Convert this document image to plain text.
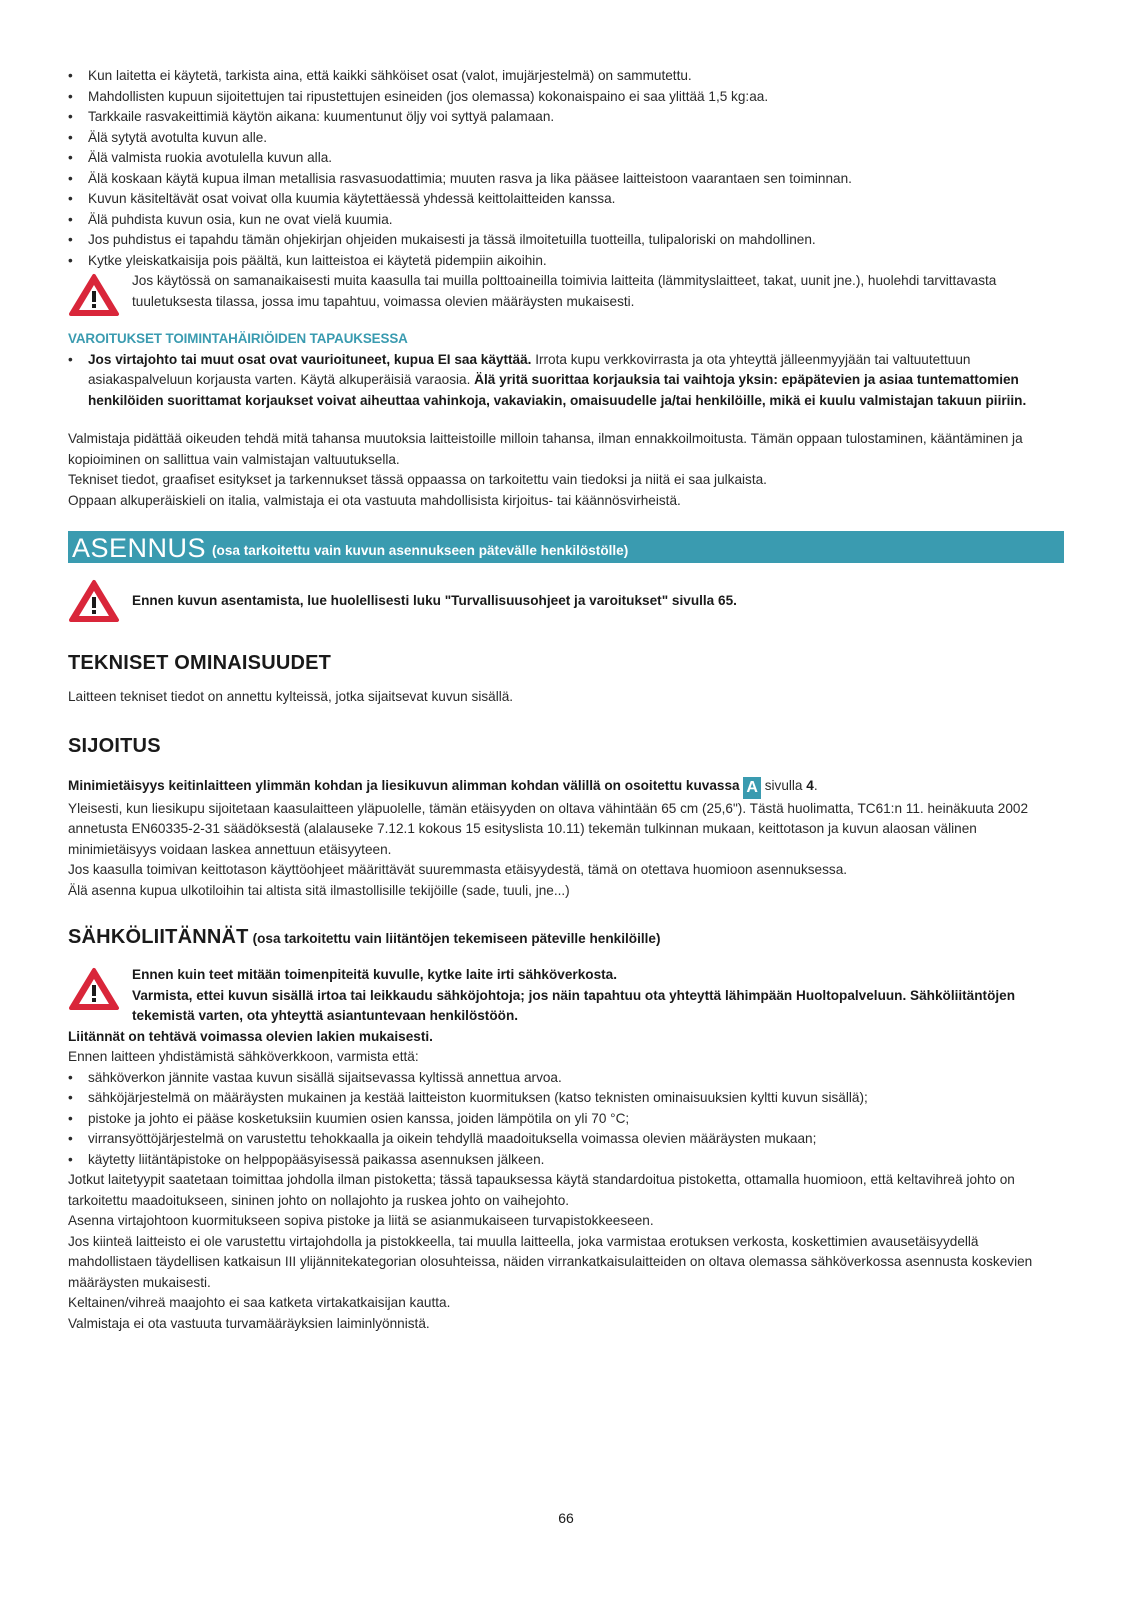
• Kun laitetta ei käytetä, tarkista aina, että kaikki sähköiset osat (valot, imujärjestelmä) on sammutettu.
• Mahdollisten kupuun sijoitettujen tai ripustettujen esineiden (jos olemassa) kokonaispaino ei saa ylittää 1,5 kg:aa.
• Tarkkaile rasvakeittimiä käytön aikana: kuumentunut öljy voi syttyä palamaan.
• Älä sytytä avotulta kuvun alle.
• Älä valmista ruokia avotulella kuvun alla.
• Älä koskaan käytä kupua ilman metallisia rasvasuodattimia; muuten rasva ja lika pääsee laitteistoon vaarantaen sen toiminnan.
• Kuvun käsiteltävät osat voivat olla kuumia käytettäessä yhdessä keittolaitteiden kanssa.
• Älä puhdista kuvun osia, kun ne ovat vielä kuumia.
• Jos puhdistus ei tapahdu tämän ohjekirjan ohjeiden mukaisesti ja tässä ilmoitetuilla tuotteilla, tulipaloriski on mahdollinen.
• Kytke yleiskatkaisija pois päältä, kun laitteistoa ei käytetä pidempiin aikoihin.

Jos käytössä on samanaikaisesti muita kaasulla tai muilla polttoaineilla toimivia laitteita (lämmityslaitteet, takat, uunit jne.), huolehdi tarvittavasta tuuletuksesta tilassa, jossa imu tapahtuu, voimassa olevien määräysten mukaisesti.

VAROITUKSET TOIMINTAHÄIRIÖIDEN TAPAUKSESSA
• Jos virtajohto tai muut osat ovat vaurioituneet, kupua EI saa käyttää. Irrota kupu verkkovirrasta ja ota yhteyttä jälleenmyyjään tai valtuutettuun asiakaspalveluun korjausta varten. Käytä alkuperäisiä varaosia. Älä yritä suorittaa korjauksia tai vaihtoja yksin: epäpätevien ja asiaa tuntemattomien henkilöiden suorittamat korjaukset voivat aiheuttaa vahinkoja, vakaviakin, omaisuudelle ja/tai henkilöille, mikä ei kuulu valmistajan takuun piiriin.

Valmistaja pidättää oikeuden tehdä mitä tahansa muutoksia laitteistoille milloin tahansa, ilman ennakkoilmoitusta. Tämän oppaan tulostaminen, kääntäminen ja kopioiminen on sallittua vain valmistajan valtuutuksella.

Tekniset tiedot, graafiset esitykset ja tarkennukset tässä oppaassa on tarkoitettu vain tiedoksi ja niitä ei saa julkaista.

Oppaan alkuperäiskieli on italia, valmistaja ei ota vastuuta mahdollisista kirjoitus- tai käännösvirheistä.

ASENNUS (osa tarkoitettu vain kuvun asennukseen pätevälle henkilöstölle)

Ennen kuvun asentamista, lue huolellisesti luku "Turvallisuusohjeet ja varoitukset" sivulla 65.

TEKNISET OMINAISUUDET

Laitteen tekniset tiedot on annettu kylteissä, jotka sijaitsevat kuvun sisällä.

SIJOITUS

Minimietäisyys keitinlaitteen ylimmän kohdan ja liesikuvun alimman kohdan välillä on osoitettu kuvassa A sivulla 4.

Yleisesti, kun liesikupu sijoitetaan kaasulaitteen yläpuolelle, tämän etäisyyden on oltava vähintään 65 cm (25,6"). Tästä huolimatta, TC61:n 11. heinäkuuta 2002 annetusta EN60335-2-31 säädöksestä (alalauseke 7.12.1 kokous 15 esityslista 10.11) tekemän tulkinnan mukaan, keittotason ja kuvun alaosan välinen minimietäisyys voidaan laskea annettuun etäisyyteen.

Jos kaasulla toimivan keittotason käyttöohjeet määrittävät suuremmasta etäisyydestä, tämä on otettava huomioon asennuksessa.

Älä asenna kupua ulkotiloihin tai altista sitä ilmastollisille tekijöille (sade, tuuli, jne...)

SÄHKÖLIITÄNNÄT (osa tarkoitettu vain liitäntöjen tekemiseen päteville henkilöille)

Ennen kuin teet mitään toimenpiteitä kuvulle, kytke laite irti sähköverkosta.

Varmista, ettei kuvun sisällä irtoa tai leikkaudu sähköjohtoja; jos näin tapahtuu ota yhteyttä lähimpään Huoltopalveluun. Sähköliitäntöjen tekemistä varten, ota yhteyttä asiantuntevaan henkilöstöön.

Liitännät on tehtävä voimassa olevien lakien mukaisesti.

Ennen laitteen yhdistämistä sähköverkkoon, varmista että:

• sähköverkon jännite vastaa kuvun sisällä sijaitsevassa kyltissä annettua arvoa.
• sähköjärjestelmä on määräysten mukainen ja kestää laitteiston kuormituksen (katso teknisten ominaisuuksien kyltti kuvun sisällä);
• pistoke ja johto ei pääse kosketuksiin kuumien osien kanssa, joiden lämpötila on yli 70 °C;
• virransyöttöjärjestelmä on varustettu tehokkaalla ja oikein tehdyllä maadoituksella voimassa olevien määräysten mukaan;
• käytetty liitäntäpistoke on helppopääsyisessä paikassa asennuksen jälkeen.

Jotkut laitetyypit saatetaan toimittaa johdolla ilman pistoketta; tässä tapauksessa käytä standardoitua pistoketta, ottamalla huomioon, että keltavihreä johto on tarkoitettu maadoitukseen, sininen johto on nollajohto ja ruskea johto on vaihejohto.

Asenna virtajohtoon kuormitukseen sopiva pistoke ja liitä se asianmukaiseen turvapistokkeeseen.

Jos kiinteä laitteisto ei ole varustettu virtajohdolla ja pistokkeella, tai muulla laitteella, joka varmistaa erotuksen verkosta, koskettimien avausetäisyydellä mahdollistaen täydellisen katkaisun III ylijännitekategorian olosuhteissa, näiden virrankatkaisulaitteiden on oltava olemassa sähköverkossa asennusta koskevien määräysten mukaisesti.

Keltainen/vihreä maajohto ei saa katketa virtakatkaisijan kautta.

Valmistaja ei ota vastuuta turvamääräyksien laiminlyönnistä.

66
